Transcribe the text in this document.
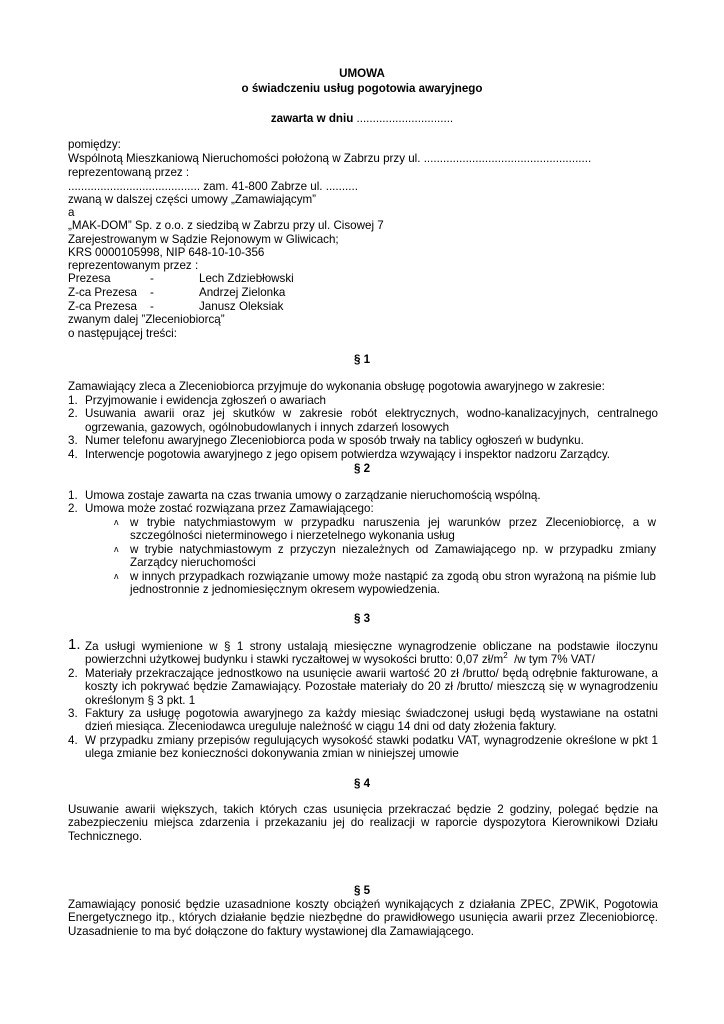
UMOWA
o świadczeniu usług pogotowia awaryjnego
zawarta w dniu ..............................
pomiędzy:
Wspólnotą Mieszkaniową Nieruchomości położoną w Zabrzu przy ul. ....................................................
reprezentowaną przez :
......................................... zam. 41-800 Zabrze ul. ..........
zwaną w dalszej części umowy „Zamawiającym”
a
„MAK-DOM” Sp. z o.o. z siedzibą w Zabrzu przy ul. Cisowej 7
Zarejestrowanym w Sądzie Rejonowym w Gliwicach;
KRS 0000105998, NIP 648-10-10-356
reprezentowanym przez :
Prezesa	-	Lech Zdziebłowski
Z-ca Prezesa -	Andrzej Zielonka
Z-ca Prezesa -	Janusz Oleksiak
zwanym dalej ”Zleceniobiorcą”
o następującej treści:
§ 1
Zamawiający zleca a Zleceniobiorca przyjmuje do wykonania obsługę pogotowia awaryjnego w zakresie:
1. Przyjmowanie i ewidencja zgłoszeń o awariach
2. Usuwania awarii oraz jej skutków w zakresie robót elektrycznych, wodno-kanalizacyjnych, centralnego ogrzewania, gazowych, ogólnobudowlanych i innych zdarzeń losowych
3. Numer telefonu awaryjnego Zleceniobiorca poda w sposób trwały na tablicy ogłoszeń w budynku.
4. Interwencje pogotowia awaryjnego z jego opisem potwierdza wzywający i inspektor nadzoru Zarządcy.
§ 2
1. Umowa zostaje zawarta na czas trwania umowy o zarządzanie nieruchomością wspólną.
2. Umowa może zostać rozwiązana przez Zamawiającego:
ᴧ w trybie natychmiastowym w przypadku naruszenia jej warunków przez Zleceniobiorcę, a w szczególności nieterminowego i nierzetelnego wykonania usług
ᴧ w trybie natychmiastowym z przyczyn niezależnych od Zamawiającego np. w przypadku zmiany Zarządcy nieruchomości
ᴧ w innych przypadkach rozwiązanie umowy może nastąpić za zgodą obu stron wyrażoną na piśmie lub jednostronnie z jednomiesięcznym okresem wypowiedzenia.
§ 3
1. Za usługi wymienione w § 1 strony ustalają miesięczne wynagrodzenie obliczane na podstawie iloczynu powierzchni użytkowej budynku i stawki ryczałtowej w wysokości brutto: 0,07 $zł/m^2$  /w tym 7% VAT/
2. Materiały przekraczające jednostkowo na usunięcie awarii wartość 20 zł /brutto/ będą odrębnie fakturowane, a koszty ich pokrywać będzie Zamawiający. Pozostałe materiały do 20 zł /brutto/ mieszczą się w wynagrodzeniu określonym § 3 pkt. 1
3. Faktury za usługę pogotowia awaryjnego za każdy miesiąc świadczonej usługi będą wystawiane na ostatni dzień miesiąca. Zleceniodawca ureguluje należność w ciągu 14 dni od daty złożenia faktury.
4. W przypadku zmiany przepisów regulujących wysokość stawki podatku VAT, wynagrodzenie określone w pkt 1 ulega zmianie bez konieczności dokonywania zmian w niniejszej umowie
§ 4
Usuwanie awarii większych, takich których czas usunięcia przekraczać będzie 2 godziny, polegać będzie na zabezpieczeniu miejsca zdarzenia i przekazaniu jej do realizacji w raporcie dyspozytora Kierownikowi Działu Technicznego.
§ 5
Zamawiający ponosić będzie uzasadnione koszty obciążeń wynikających z działania ZPEC, ZPWiK, Pogotowia Energetycznego itp., których działanie będzie niezbędne do prawidłowego usunięcia awarii przez Zleceniobiorcę. Uzasadnienie to ma być dołączone do faktury wystawionej dla Zamawiającego.
